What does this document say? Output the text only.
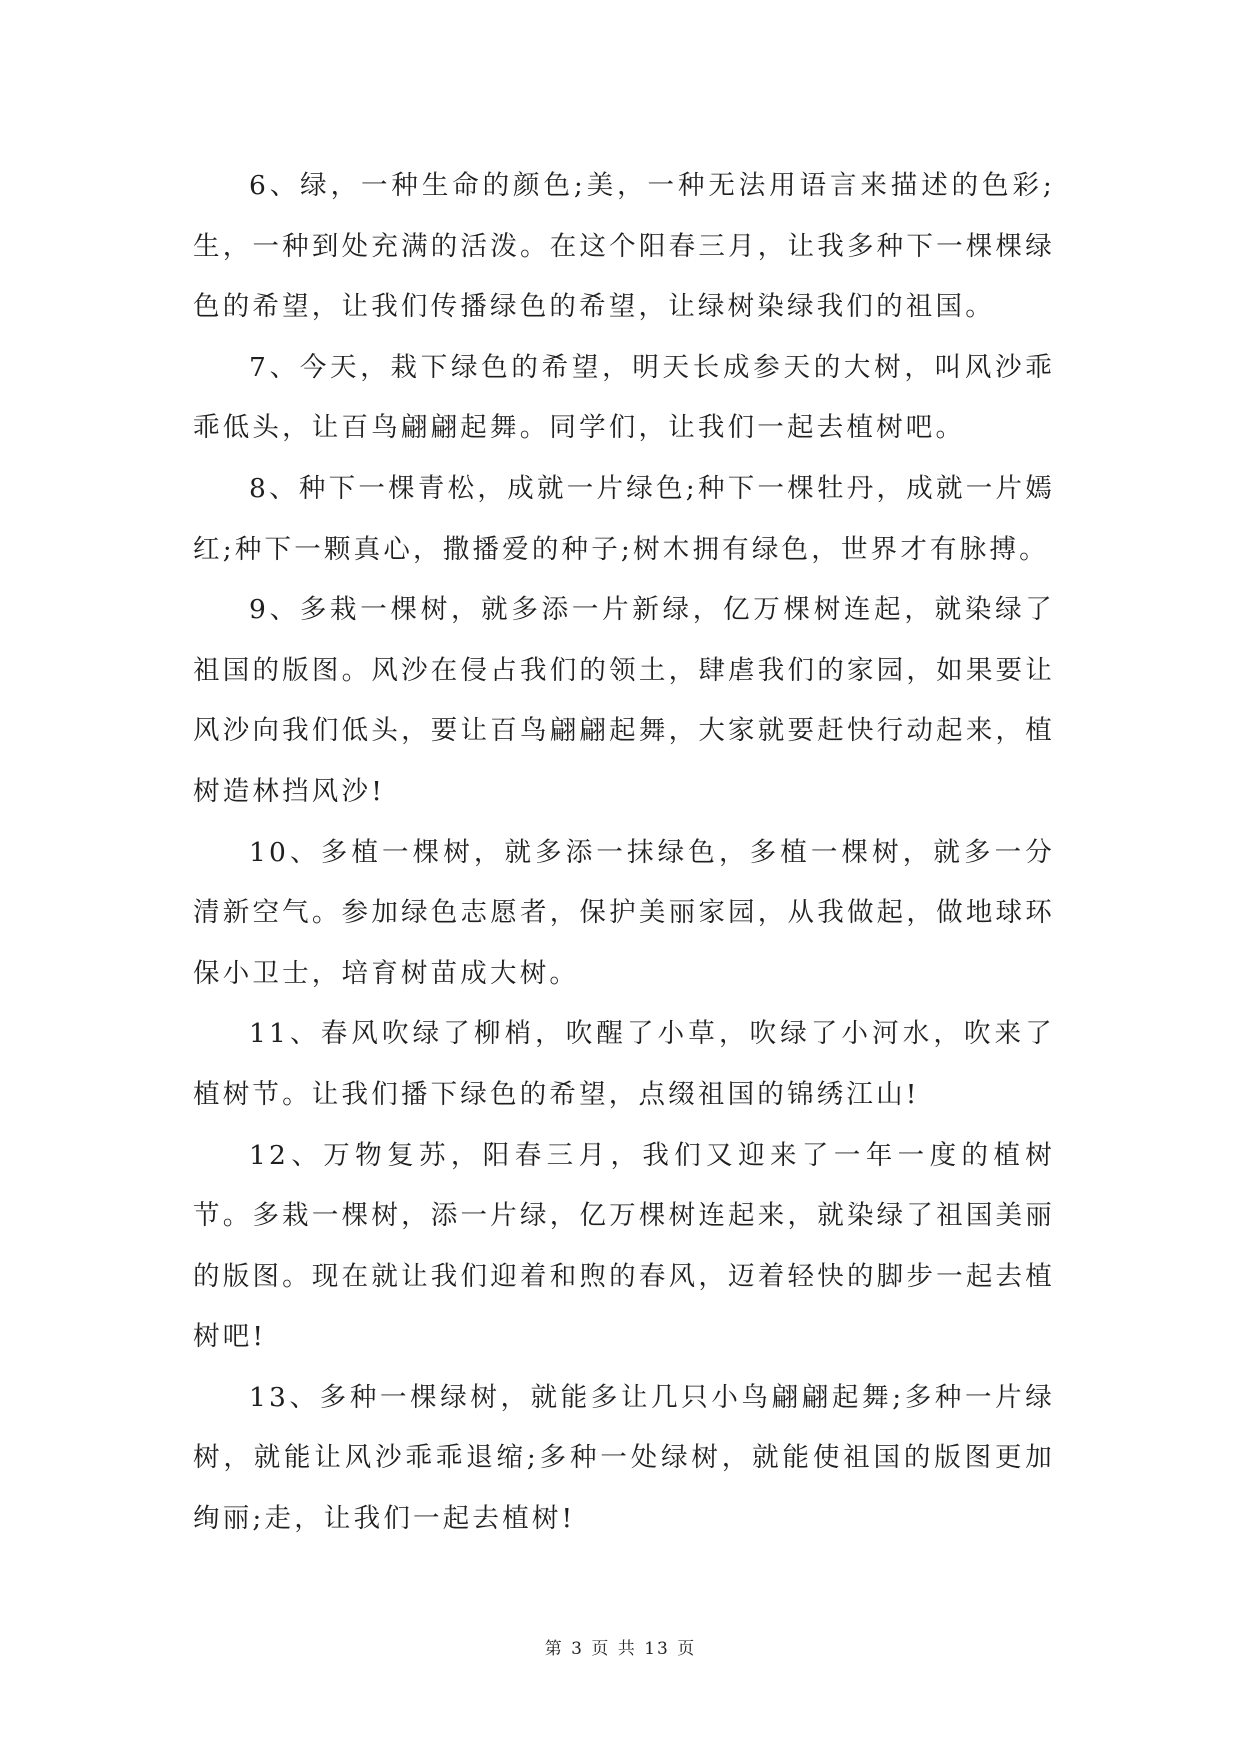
6、绿，一种生命的颜色;美，一种无法用语言来描述的色彩;生，一种到处充满的活泼。在这个阳春三月，让我多种下一棵棵绿色的希望，让我们传播绿色的希望，让绿树染绿我们的祖国。

7、今天，栽下绿色的希望，明天长成参天的大树，叫风沙乖乖低头，让百鸟翩翩起舞。同学们，让我们一起去植树吧。

8、种下一棵青松，成就一片绿色;种下一棵牡丹，成就一片嫣红;种下一颗真心，撒播爱的种子;树木拥有绿色，世界才有脉搏。

9、多栽一棵树，就多添一片新绿，亿万棵树连起，就染绿了祖国的版图。风沙在侵占我们的领土，肆虐我们的家园，如果要让风沙向我们低头，要让百鸟翩翩起舞，大家就要赶快行动起来，植树造林挡风沙!

10、多植一棵树，就多添一抹绿色，多植一棵树，就多一分清新空气。参加绿色志愿者，保护美丽家园，从我做起，做地球环保小卫士，培育树苗成大树。

11、春风吹绿了柳梢，吹醒了小草，吹绿了小河水，吹来了植树节。让我们播下绿色的希望，点缀祖国的锦绣江山!

12、万物复苏，阳春三月，我们又迎来了一年一度的植树节。多栽一棵树，添一片绿，亿万棵树连起来，就染绿了祖国美丽的版图。现在就让我们迎着和煦的春风，迈着轻快的脚步一起去植树吧!

13、多种一棵绿树，就能多让几只小鸟翩翩起舞;多种一片绿树，就能让风沙乖乖退缩;多种一处绿树，就能使祖国的版图更加绚丽;走，让我们一起去植树!

第 3 页 共 13 页
